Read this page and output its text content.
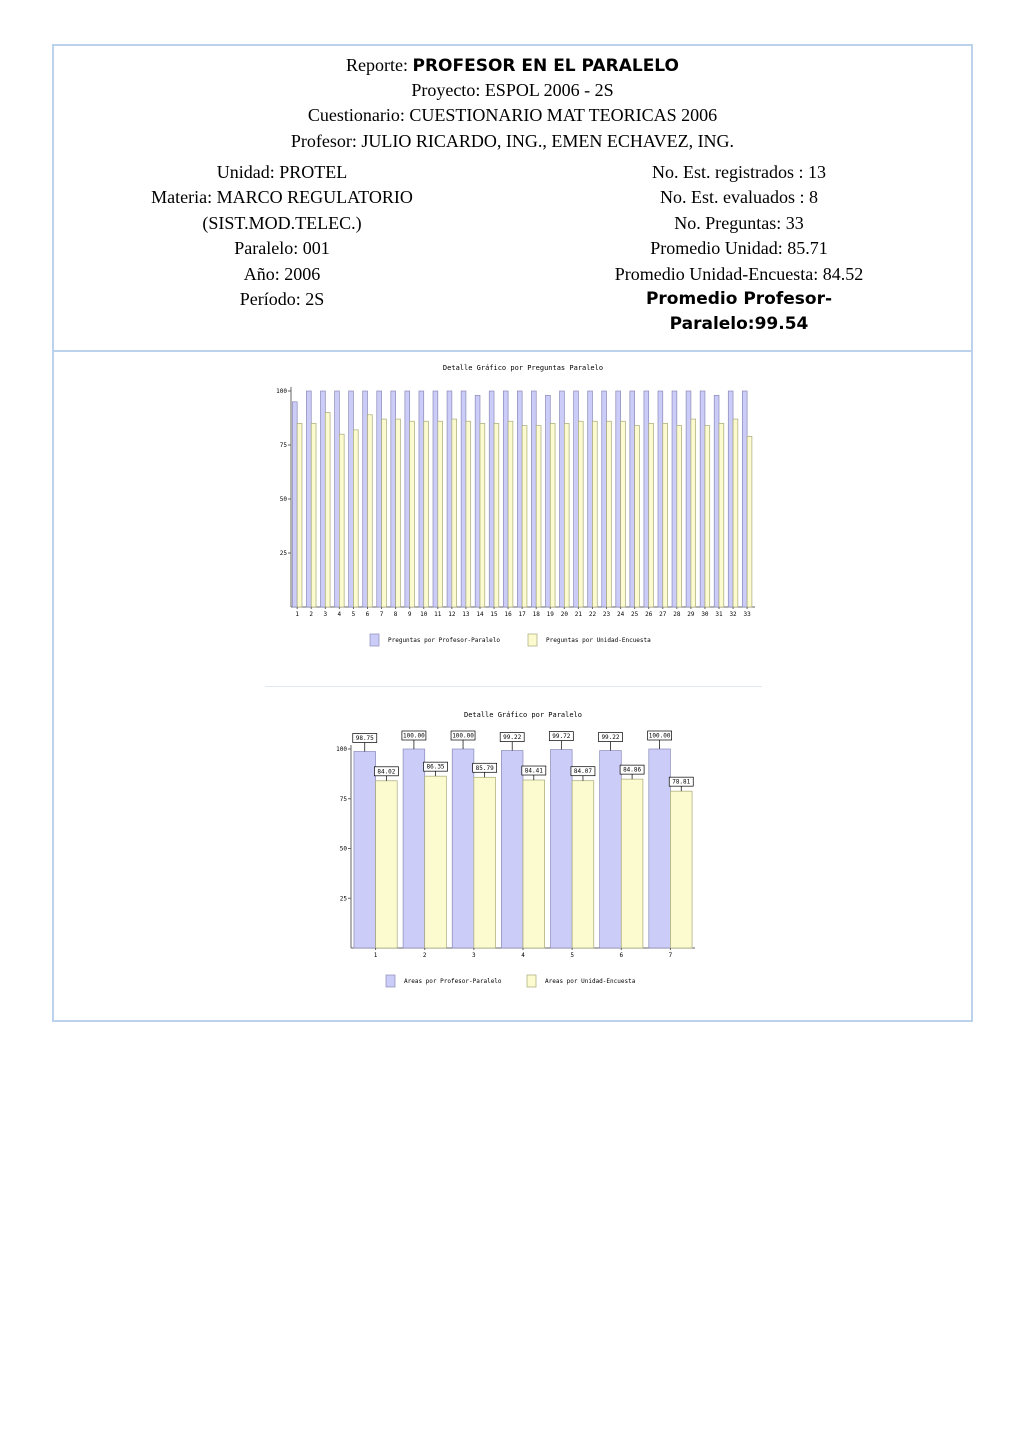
Reporte: PROFESOR EN EL PARALELO
Proyecto: ESPOL 2006 - 2S
Cuestionario: CUESTIONARIO MAT TEORICAS 2006
Profesor: JULIO RICARDO, ING., EMEN ECHAVEZ, ING.
Unidad: PROTEL
Materia: MARCO REGULATORIO
(SIST.MOD.TELEC.)
Paralelo: 001
Año: 2006
Período: 2S
No. Est. registrados : 13
No. Est. evaluados : 8
No. Preguntas: 33
Promedio Unidad: 85.71
Promedio Unidad-Encuesta: 84.52
Promedio Profesor-Paralelo:99.54
Detalle Gráfico por Preguntas Paralelo
25
50
75
100
1 2 3 4 5 6 7 8 9 10 11 12 13 14 15 16 17 18 19 20 21 22 23 24 25 26 27 28 29 30 31 32 33
Preguntas por Profesor-Paralelo	Preguntas por Unidad-Encuesta
Detalle Gráfico por Paralelo
25
50
75
100
98.75
84.02
1
100.00
86.35
2
100.00
85.79
3
99.22
84.41
4
99.72
84.07
5
99.22
84.86
6
100.00
78.81
7
Areas por Profesor-Paralelo	Areas por Unidad-Encuesta
